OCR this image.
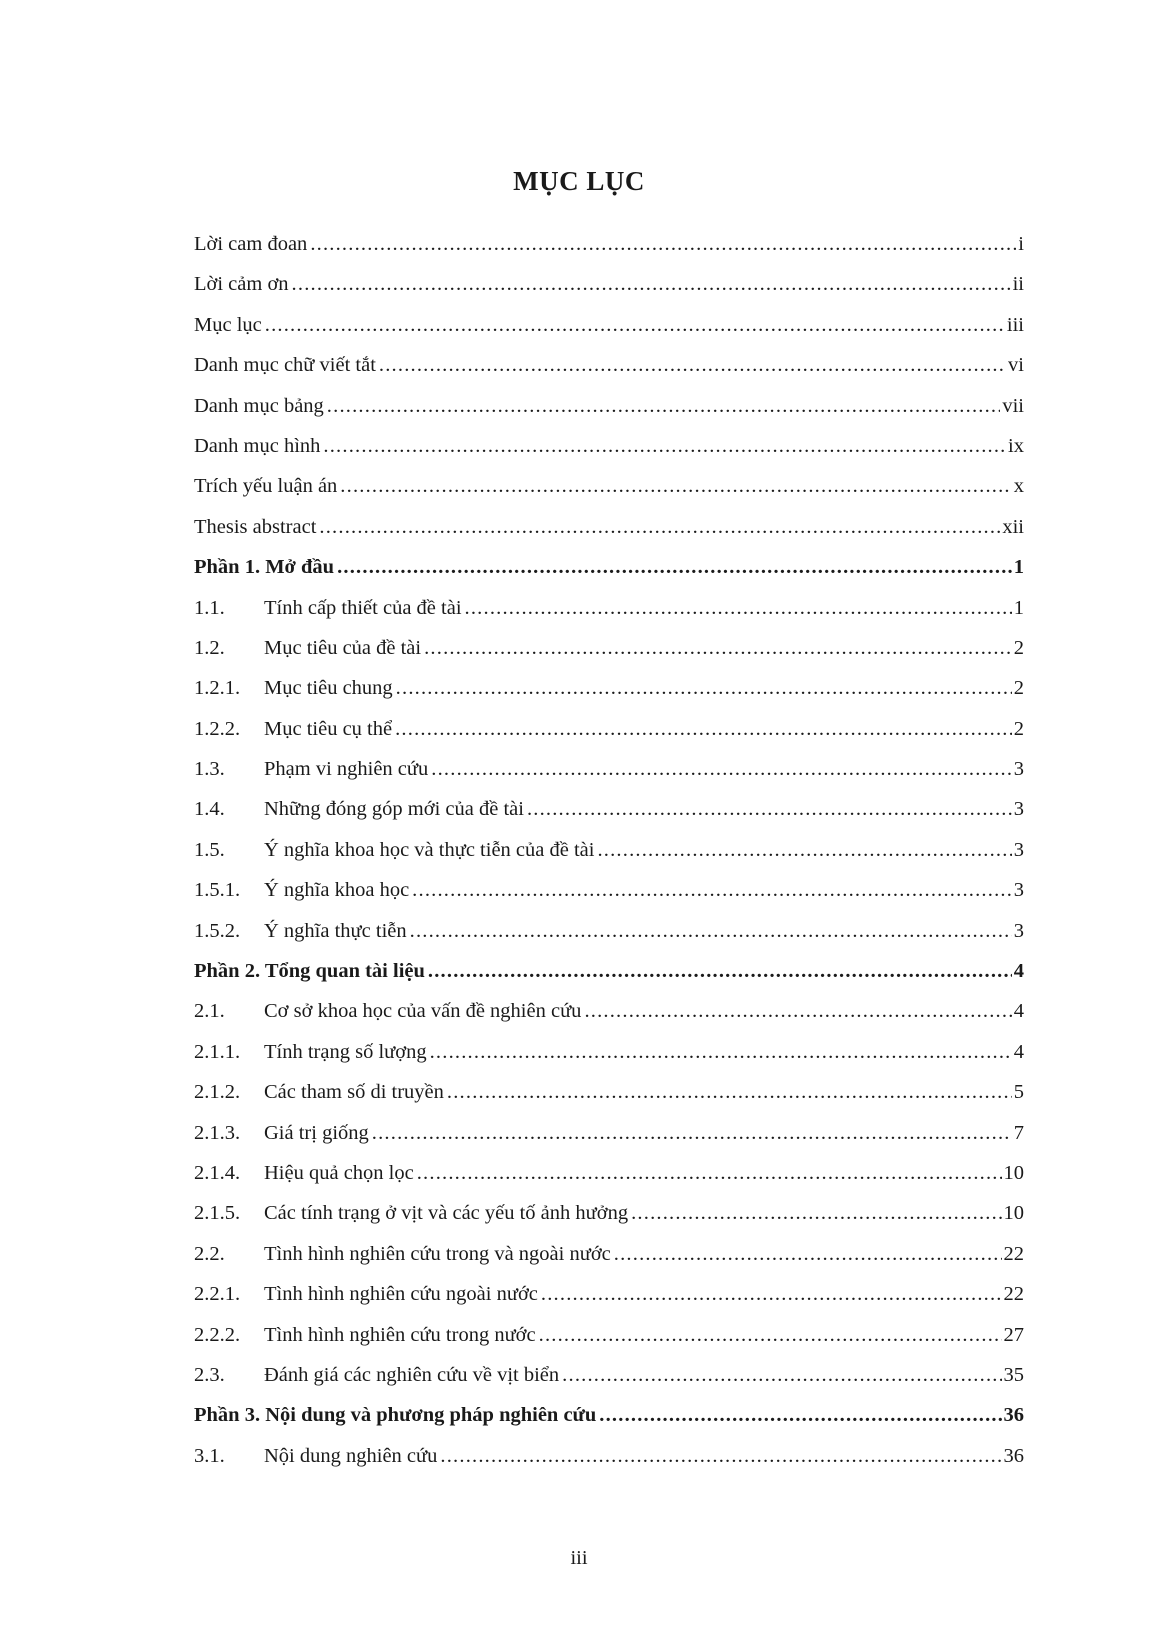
MỤC LỤC
Lời cam đoan .....	i
Lời cảm ơn .....	ii
Mục lục .....	iii
Danh mục chữ viết tắt .....	vi
Danh mục bảng .....	vii
Danh mục hình .....	ix
Trích yếu luận án .....	x
Thesis abstract .....	xii
Phần 1. Mở đầu .....	1
1.1.	Tính cấp thiết của đề tài .....	1
1.2.	Mục tiêu của đề tài .....	2
1.2.1.	Mục tiêu chung .....	2
1.2.2.	Mục tiêu cụ thể .....	2
1.3.	Phạm vi nghiên cứu .....	3
1.4.	Những đóng góp mới của đề tài .....	3
1.5.	Ý nghĩa khoa học và thực tiễn của đề tài .....	3
1.5.1.	Ý nghĩa khoa học .....	3
1.5.2.	Ý nghĩa thực tiễn .....	3
Phần 2. Tổng quan tài liệu .....	4
2.1.	Cơ sở khoa học của vấn đề nghiên cứu .....	4
2.1.1.	Tính trạng số lượng .....	4
2.1.2.	Các tham số di truyền .....	5
2.1.3.	Giá trị giống .....	7
2.1.4.	Hiệu quả chọn lọc .....	10
2.1.5.	Các tính trạng ở vịt và các yếu tố ảnh hưởng .....	10
2.2.	Tình hình nghiên cứu trong và ngoài nước .....	22
2.2.1.	Tình hình nghiên cứu ngoài nước .....	22
2.2.2.	Tình hình nghiên cứu trong nước .....	27
2.3.	Đánh giá các nghiên cứu về vịt biển .....	35
Phần 3. Nội dung và phương pháp nghiên cứu .....	36
3.1.	Nội dung nghiên cứu .....	36
iii
